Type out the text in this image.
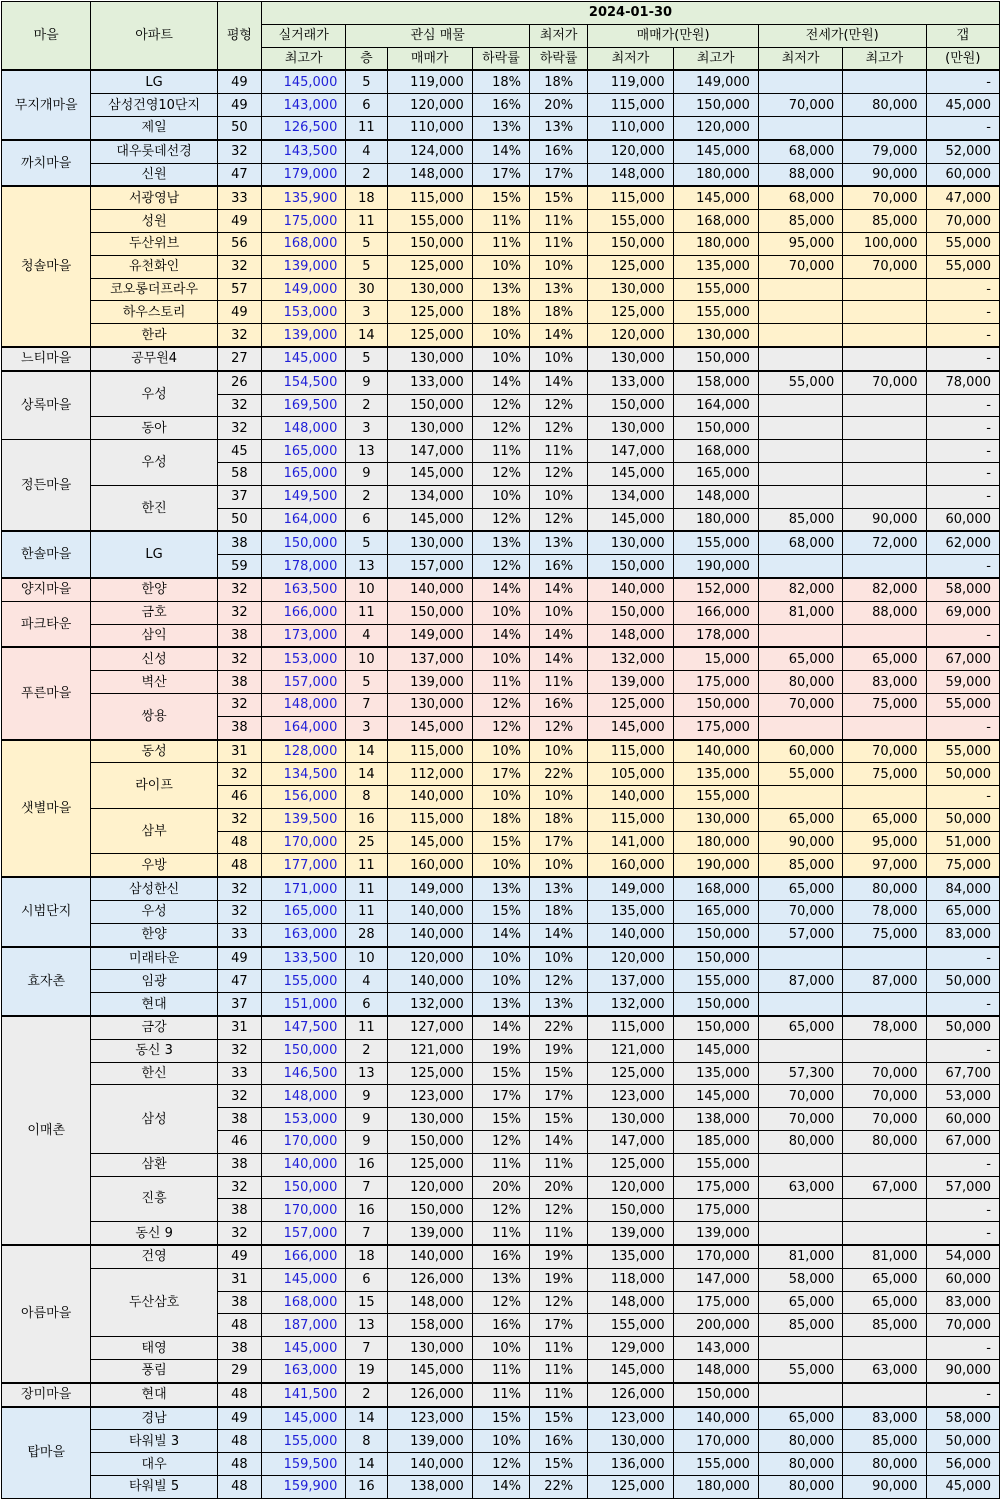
마을	아파트	평형	2024-01-30									
			실거래가	관심 매물			최저가	매매가(만원)		전세가(만원)		갭
			최고가	층	매매가	하락률	하락률	최저가	최고가	최저가	최고가	(만원)
무지개마을	LG	49	145,000	5	119,000	18%	18%	119,000	149,000			-
	삼성건영10단지	49	143,000	6	120,000	16%	20%	115,000	150,000	70,000	80,000	45,000
	제일	50	126,500	11	110,000	13%	13%	110,000	120,000			-
까치마을	대우롯데선경	32	143,500	4	124,000	14%	16%	120,000	145,000	68,000	79,000	52,000
	신원	47	179,000	2	148,000	17%	17%	148,000	180,000	88,000	90,000	60,000
청솔마을	서광영남	33	135,900	18	115,000	15%	15%	115,000	145,000	68,000	70,000	47,000
	성원	49	175,000	11	155,000	11%	11%	155,000	168,000	85,000	85,000	70,000
	두산위브	56	168,000	5	150,000	11%	11%	150,000	180,000	95,000	100,000	55,000
	유천화인	32	139,000	5	125,000	10%	10%	125,000	135,000	70,000	70,000	55,000
	코오롱더프라우	57	149,000	30	130,000	13%	13%	130,000	155,000			-
	하우스토리	49	153,000	3	125,000	18%	18%	125,000	155,000			-
	한라	32	139,000	14	125,000	10%	14%	120,000	130,000			-
느티마을	공무원4	27	145,000	5	130,000	10%	10%	130,000	150,000			-
상록마을	우성	26	154,500	9	133,000	14%	14%	133,000	158,000	55,000	70,000	78,000
		32	169,500	2	150,000	12%	12%	150,000	164,000			-
	동아	32	148,000	3	130,000	12%	12%	130,000	150,000			-
정든마을	우성	45	165,000	13	147,000	11%	11%	147,000	168,000			-
		58	165,000	9	145,000	12%	12%	145,000	165,000			-
	한진	37	149,500	2	134,000	10%	10%	134,000	148,000			-
		50	164,000	6	145,000	12%	12%	145,000	180,000	85,000	90,000	60,000
한솔마을	LG	38	150,000	5	130,000	13%	13%	130,000	155,000	68,000	72,000	62,000
		59	178,000	13	157,000	12%	16%	150,000	190,000			-
양지마을	한양	32	163,500	10	140,000	14%	14%	140,000	152,000	82,000	82,000	58,000
파크타운	금호	32	166,000	11	150,000	10%	10%	150,000	166,000	81,000	88,000	69,000
	삼익	38	173,000	4	149,000	14%	14%	148,000	178,000			-
푸른마을	신성	32	153,000	10	137,000	10%	14%	132,000	15,000	65,000	65,000	67,000
	벽산	38	157,000	5	139,000	11%	11%	139,000	175,000	80,000	83,000	59,000
	쌍용	32	148,000	7	130,000	12%	16%	125,000	150,000	70,000	75,000	55,000
		38	164,000	3	145,000	12%	12%	145,000	175,000			-
샛별마을	동성	31	128,000	14	115,000	10%	10%	115,000	140,000	60,000	70,000	55,000
	라이프	32	134,500	14	112,000	17%	22%	105,000	135,000	55,000	75,000	50,000
		46	156,000	8	140,000	10%	10%	140,000	155,000			-
	삼부	32	139,500	16	115,000	18%	18%	115,000	130,000	65,000	65,000	50,000
		48	170,000	25	145,000	15%	17%	141,000	180,000	90,000	95,000	51,000
	우방	48	177,000	11	160,000	10%	10%	160,000	190,000	85,000	97,000	75,000
시범단지	삼성한신	32	171,000	11	149,000	13%	13%	149,000	168,000	65,000	80,000	84,000
	우성	32	165,000	11	140,000	15%	18%	135,000	165,000	70,000	78,000	65,000
	한양	33	163,000	28	140,000	14%	14%	140,000	150,000	57,000	75,000	83,000
효자촌	미래타운	49	133,500	10	120,000	10%	10%	120,000	150,000			-
	임광	47	155,000	4	140,000	10%	12%	137,000	155,000	87,000	87,000	50,000
	현대	37	151,000	6	132,000	13%	13%	132,000	150,000			-
이매촌	금강	31	147,500	11	127,000	14%	22%	115,000	150,000	65,000	78,000	50,000
	동신 3	32	150,000	2	121,000	19%	19%	121,000	145,000			-
	한신	33	146,500	13	125,000	15%	15%	125,000	135,000	57,300	70,000	67,700
	삼성	32	148,000	9	123,000	17%	17%	123,000	145,000	70,000	70,000	53,000
		38	153,000	9	130,000	15%	15%	130,000	138,000	70,000	70,000	60,000
		46	170,000	9	150,000	12%	14%	147,000	185,000	80,000	80,000	67,000
	삼환	38	140,000	16	125,000	11%	11%	125,000	155,000			-
	진흥	32	150,000	7	120,000	20%	20%	120,000	175,000	63,000	67,000	57,000
		38	170,000	16	150,000	12%	12%	150,000	175,000			-
	동신 9	32	157,000	7	139,000	11%	11%	139,000	139,000			-
아름마을	건영	49	166,000	18	140,000	16%	19%	135,000	170,000	81,000	81,000	54,000
	두산삼호	31	145,000	6	126,000	13%	19%	118,000	147,000	58,000	65,000	60,000
		38	168,000	15	148,000	12%	12%	148,000	175,000	65,000	65,000	83,000
		48	187,000	13	158,000	16%	17%	155,000	200,000	85,000	85,000	70,000
	태영	38	145,000	7	130,000	10%	11%	129,000	143,000			-
	풍림	29	163,000	19	145,000	11%	11%	145,000	148,000	55,000	63,000	90,000
장미마을	현대	48	141,500	2	126,000	11%	11%	126,000	150,000			-
탑마을	경남	49	145,000	14	123,000	15%	15%	123,000	140,000	65,000	83,000	58,000
	타워빌 3	48	155,000	8	139,000	10%	16%	130,000	170,000	80,000	85,000	50,000
	대우	48	159,500	14	140,000	12%	15%	136,000	155,000	80,000	80,000	56,000
	타워빌 5	48	159,900	16	138,000	14%	22%	125,000	180,000	80,000	90,000	45,000
